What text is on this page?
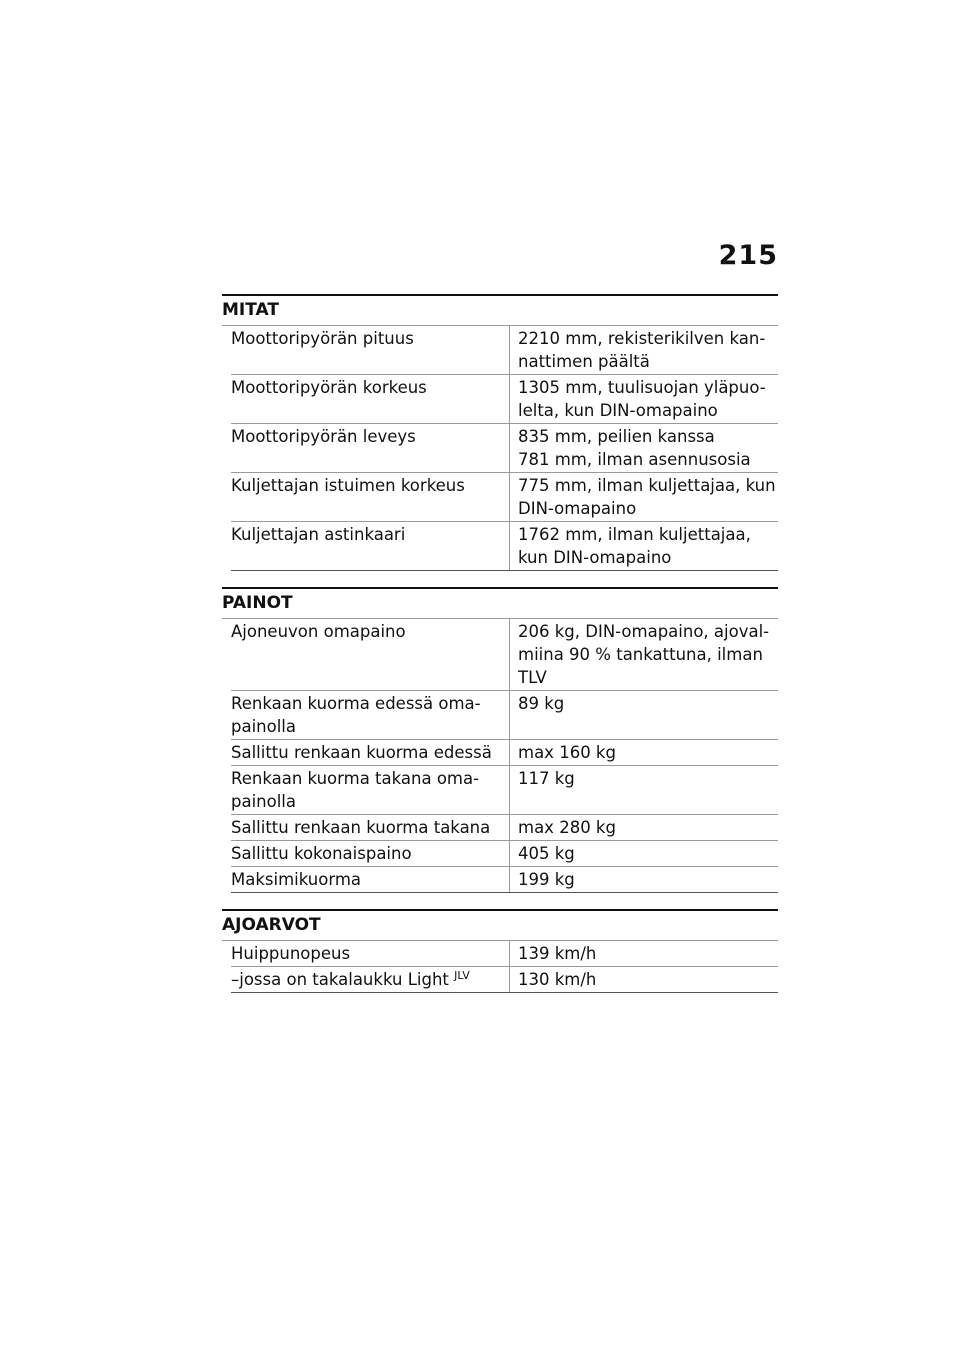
215
MITAT
Moottoripyörän pituus	2210 mm, rekisterikilven kan-
nattimen päältä

Moottoripyörän korkeus	1305 mm, tuulisuojan yläpuo-
lelta, kun DIN-omapaino

Moottoripyörän leveys	835 mm, peilien kanssa
781 mm, ilman asennusosia

Kuljettajan istuimen korkeus	775 mm, ilman kuljettajaa, kun
DIN-omapaino

Kuljettajan astinkaari	1762 mm, ilman kuljettajaa,
kun DIN-omapaino
PAINOT
Ajoneuvon omapaino	206 kg, DIN-omapaino, ajoval-
miina 90 % tankattuna, ilman
TLV

Renkaan kuorma edessä oma-
painolla	89 kg

Sallittu renkaan kuorma edessä	max 160 kg

Renkaan kuorma takana oma-
painolla	117 kg

Sallittu renkaan kuorma takana	max 280 kg

Sallittu kokonaispaino	405 kg

Maksimikuorma	199 kg
AJOARVOT
Huippunopeus	139 km/h

–jossa on takalaukku Light $^{JLV}$	130 km/h
